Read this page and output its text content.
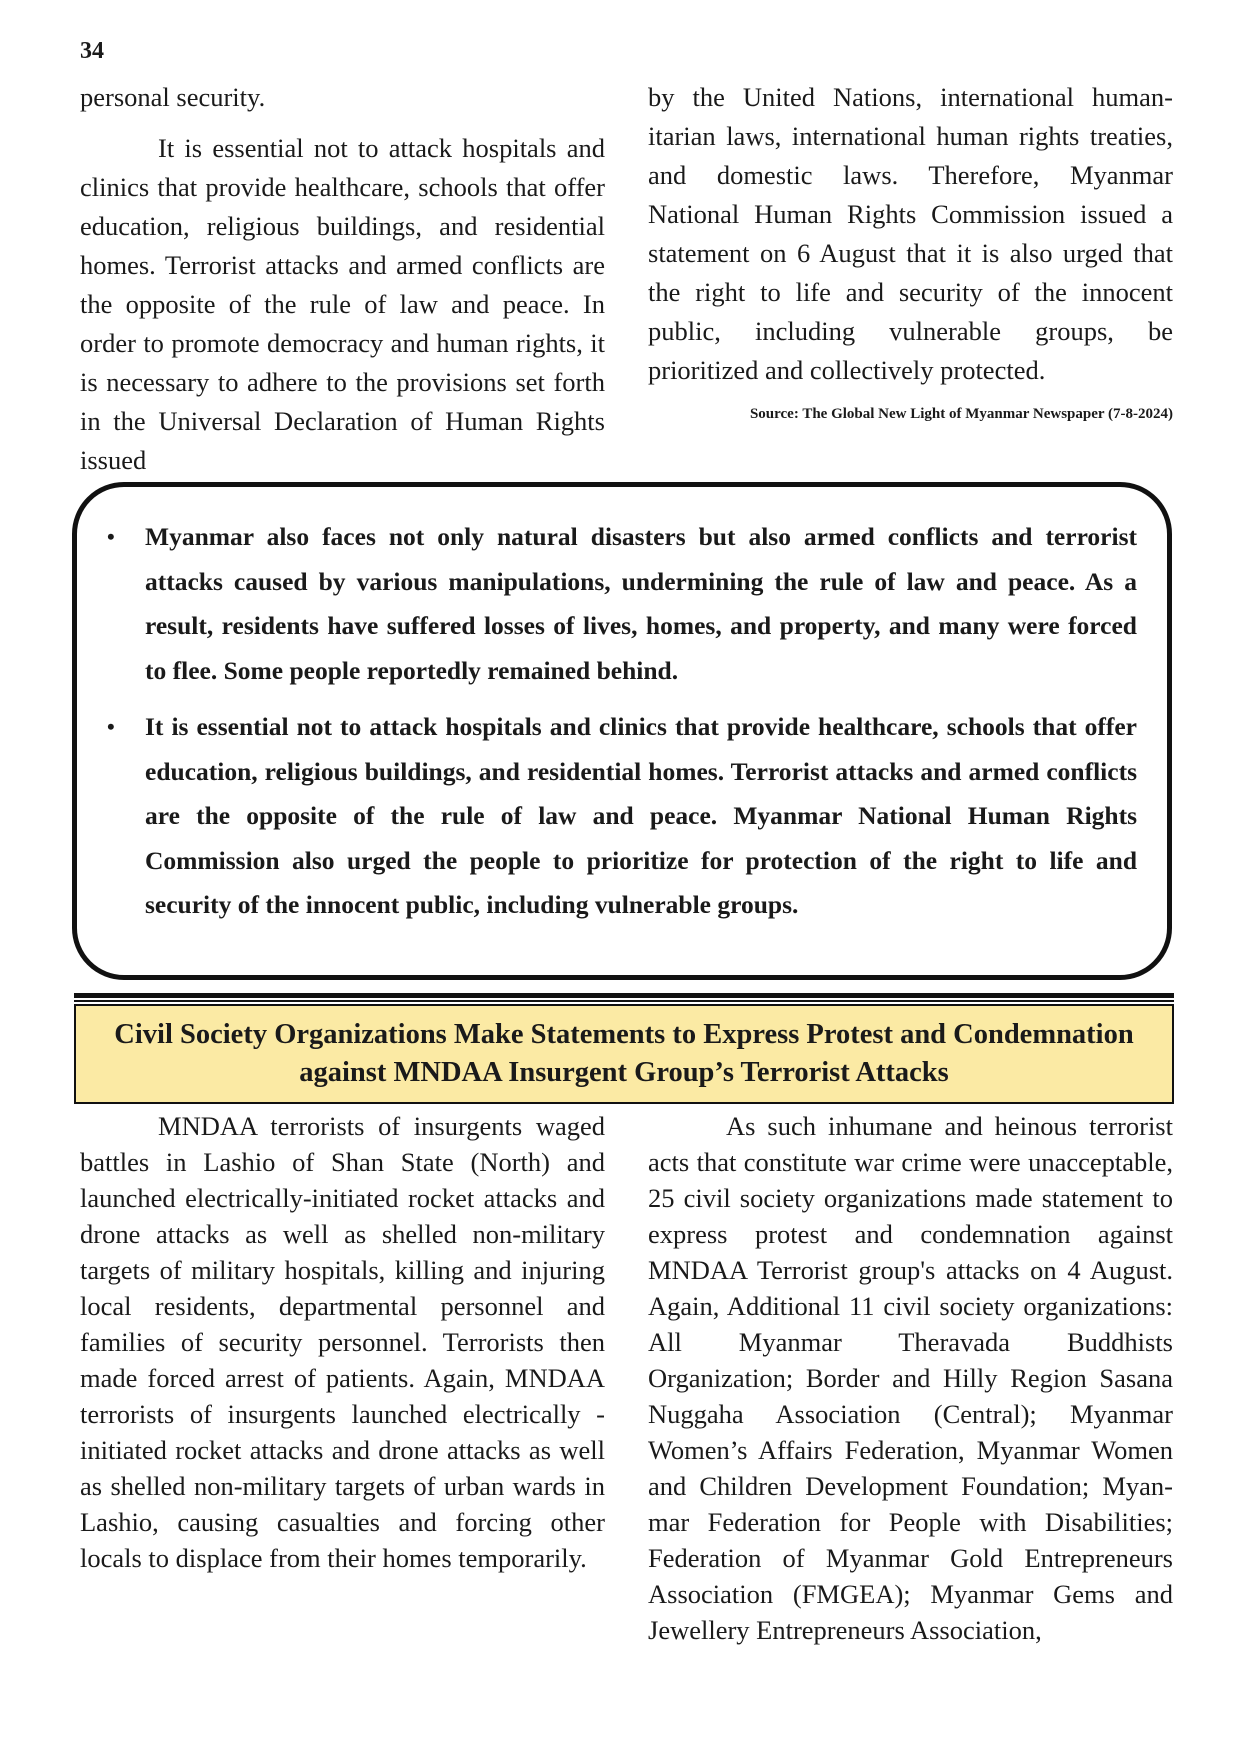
34

personal security.

It is essential not to attack hospitals and clinics that provide healthcare, schools that offer education, religious buildings, and residential homes. Terrorist attacks and armed conflicts are the opposite of the rule of law and peace. In order to promote democracy and human rights, it is necessary to adhere to the provisions set forth in the Universal Declaration of Human Rights issued

by the United Nations, international humanitarian laws, international human rights treaties, and domestic laws. Therefore, Myanmar National Human Rights Commission issued a statement on 6 August that it is also urged that the right to life and security of the innocent public, including vulnerable groups, be prioritized and collectively protected.

Source: The Global New Light of Myanmar Newspaper (7-8-2024)
• Myanmar also faces not only natural disasters but also armed conflicts and terrorist attacks caused by various manipulations, undermining the rule of law and peace. As a result, residents have suffered losses of lives, homes, and property, and many were forced to flee. Some people reportedly remained behind.
• It is essential not to attack hospitals and clinics that provide healthcare, schools that offer education, religious buildings, and residential homes. Terrorist attacks and armed conflicts are the opposite of the rule of law and peace. Myanmar National Human Rights Commission also urged the people to prioritize for protection of the right to life and security of the innocent public, including vulnerable groups.
Civil Society Organizations Make Statements to Express Protest and Condemnation
against MNDAA Insurgent Group’s Terrorist Attacks

MNDAA terrorists of insurgents waged battles in Lashio of Shan State (North) and launched electrically-initiated rocket attacks and drone attacks as well as shelled non-military targets of military hospitals, killing and injuring local residents, departmental personnel and families of security personnel. Terrorists then made forced arrest of patients. Again, MNDAA terrorists of insurgents launched electrically -initiated rocket attacks and drone attacks as well as shelled non-military targets of urban wards in Lashio, causing casualties and forcing other locals to displace from their homes temporarily.

As such inhumane and heinous terrorist acts that constitute war crime were unacceptable, 25 civil society organizations made statement to express protest and condemnation against MNDAA Terrorist group's attacks on 4 August. Again, Additional 11 civil society organizations: All Myanmar Theravada Buddhists Organization; Border and Hilly Region Sasana Nuggaha Association (Central); Myanmar Women’s Affairs Federation, Myanmar Women and Children Development Foundation; Myanmar Federation for People with Disabilities; Federation of Myanmar Gold Entrepreneurs Association (FMGEA); Myanmar Gems and Jewellery Entrepreneurs Association,
